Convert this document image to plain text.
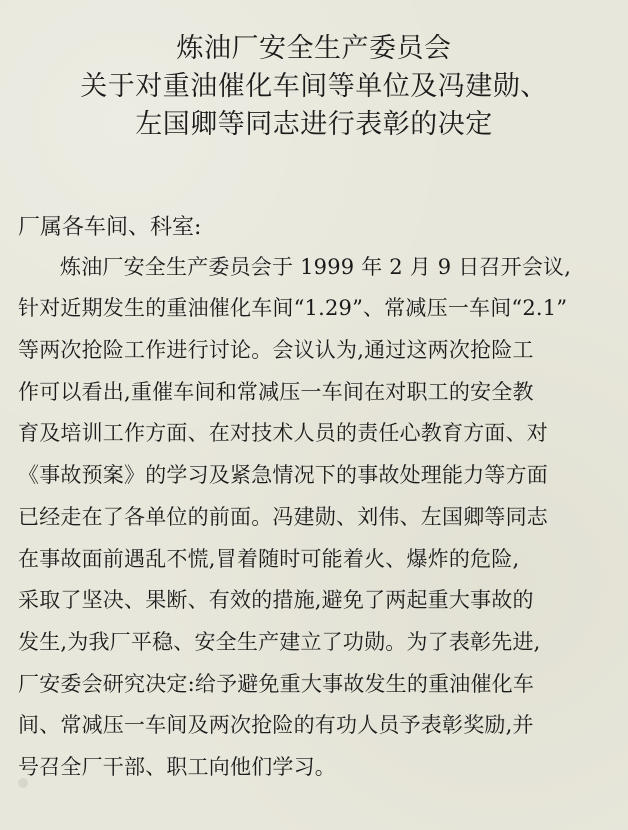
炼油厂安全生产委员会
关于对重油催化车间等单位及冯建勋、
左国卿等同志进行表彰的决定
厂属各车间、科室:
炼油厂安全生产委员会于 1999 年 2 月 9 日召开会议,
针对近期发生的重油催化车间“1.29”、常减压一车间“2.1”
等两次抢险工作进行讨论。会议认为,通过这两次抢险工
作可以看出,重催车间和常减压一车间在对职工的安全教
育及培训工作方面、在对技术人员的责任心教育方面、对
《事故预案》的学习及紧急情况下的事故处理能力等方面
已经走在了各单位的前面。冯建勋、刘伟、左国卿等同志
在事故面前遇乱不慌,冒着随时可能着火、爆炸的危险,
采取了坚决、果断、有效的措施,避免了两起重大事故的
发生,为我厂平稳、安全生产建立了功勋。为了表彰先进,
厂安委会研究决定:给予避免重大事故发生的重油催化车
间、常减压一车间及两次抢险的有功人员予表彰奖励,并
号召全厂干部、职工向他们学习。
